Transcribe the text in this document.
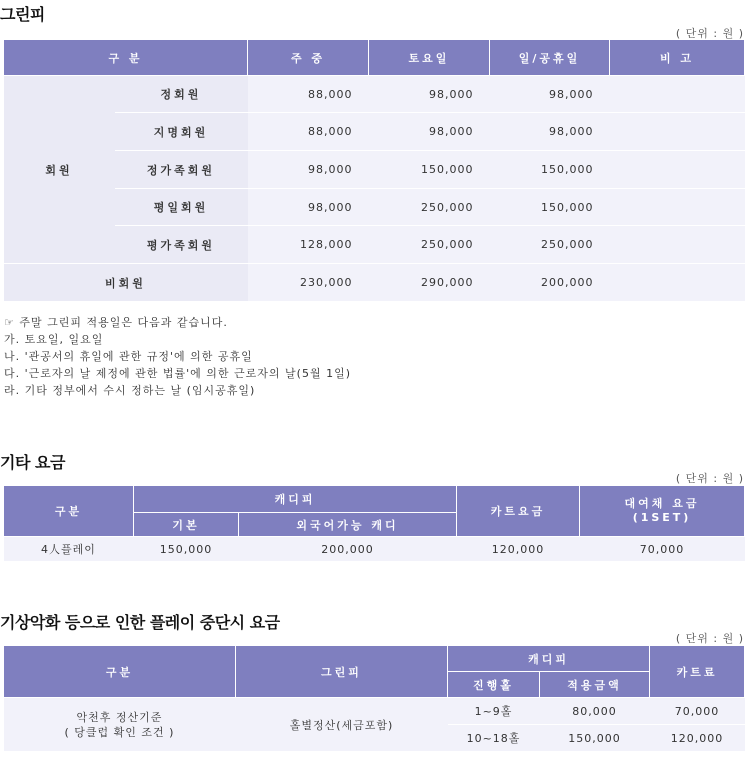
그린피
( 단위 : 원 )
구 분		주 중	토요일	일/공휴일	비 고
회원	정회원	88,000	98,000	98,000	
	지명회원	88,000	98,000	98,000	
	정가족회원	98,000	150,000	150,000	
	평일회원	98,000	250,000	150,000	
	평가족회원	128,000	250,000	250,000	
비회원		230,000	290,000	200,000	
☞ 주말 그린피 적용일은 다음과 같습니다.
가. 토요일, 일요일
나. '관공서의 휴일에 관한 규정'에 의한 공휴일
다. '근로자의 날 제정에 관한 법률'에 의한 근로자의 날(5월 1일)
라. 기타 정부에서 수시 정하는 날 (임시공휴일)
기타 요금
( 단위 : 원 )
구분	캐디피		카트요금	대여채 요금
(1SET)
	기본	외국어가능 캐디		
4人플레이	150,000	200,000	120,000	70,000
기상악화 등으로 인한 플레이 중단시 요금
( 단위 : 원 )
구분	그린피	캐디피		카트료
		진행홀	적용금액	
악천후 정산기준
( 당클럽 확인 조건 )	홀별정산(세금포함)	1~9홀	80,000	70,000
		10~18홀	150,000	120,000
